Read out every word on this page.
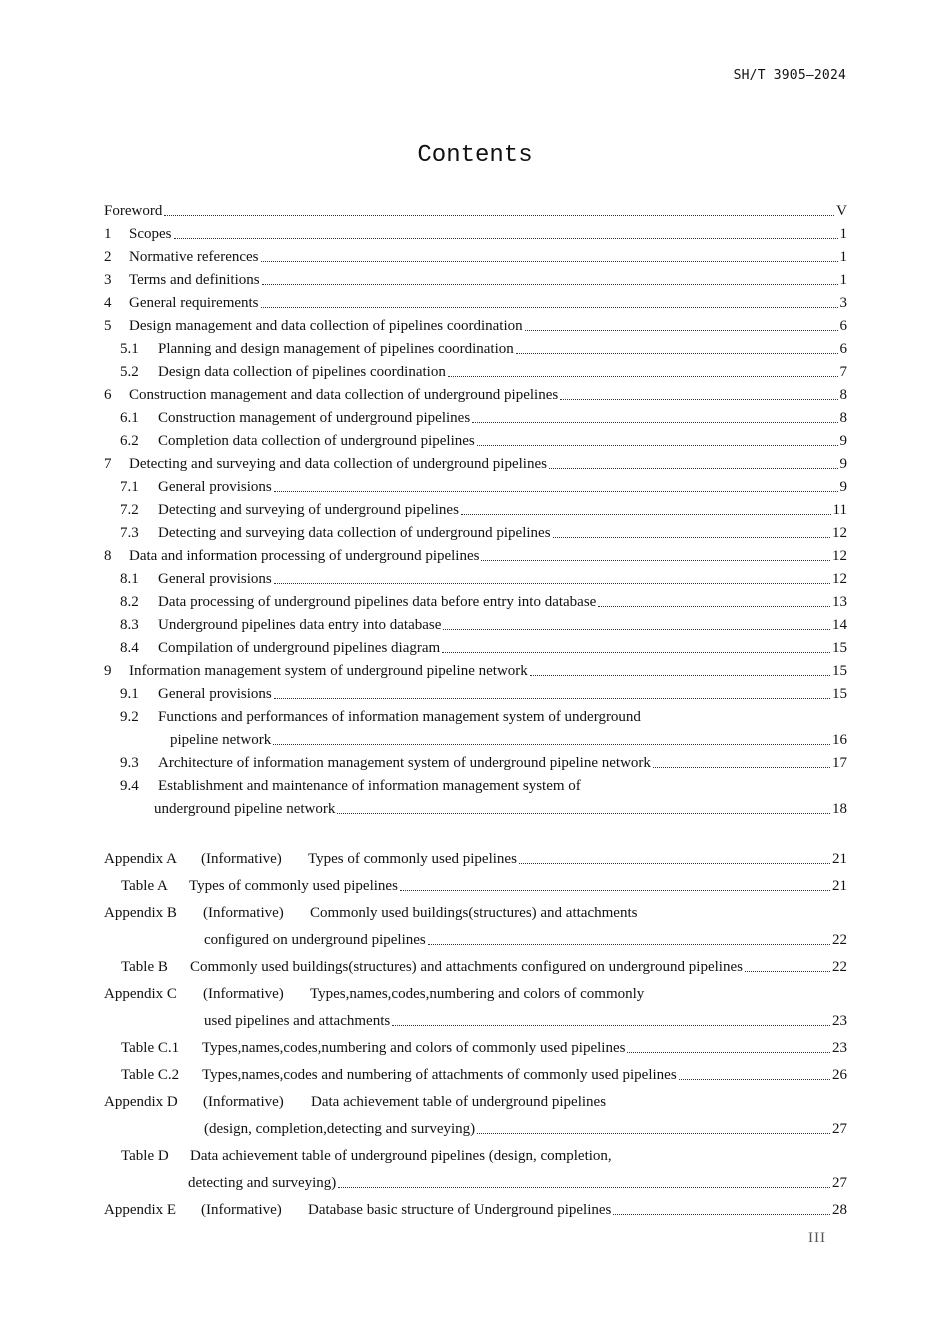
SH/T 3905—2024
Contents
Foreword	V
1	Scopes	1
2	Normative references	1
3	Terms and definitions	1
4	General requirements	3
5	Design management and data collection of pipelines coordination	6
5.1	Planning and design management of pipelines coordination	6
5.2	Design data collection of pipelines coordination	7
6	Construction management and data collection of underground pipelines	8
6.1	Construction management of underground pipelines	8
6.2	Completion data collection of underground pipelines	9
7	Detecting and surveying and data collection of underground pipelines	9
7.1	General provisions	9
7.2	Detecting and surveying of underground pipelines	11
7.3	Detecting and surveying data collection of underground pipelines	12
8	Data and information processing of underground pipelines	12
8.1	General provisions	12
8.2	Data processing of underground pipelines data before entry into database	13
8.3	Underground pipelines data entry into database	14
8.4	Compilation of underground pipelines diagram	15
9	Information management system of underground pipeline network	15
9.1	General provisions	15
9.2	Functions and performances of information management system of underground
pipeline network	16
9.3	Architecture of information management system of underground pipeline network	17
9.4	Establishment and maintenance of information management system of
underground pipeline network	18
Appendix A	(Informative)	Types of commonly used pipelines	21
Table A	Types of commonly used pipelines	21
Appendix B	(Informative)	Commonly used buildings(structures) and attachments
configured on underground pipelines	22
Table B	Commonly used buildings(structures) and attachments configured on underground pipelines	22
Appendix C	(Informative)	Types,names,codes,numbering and colors of commonly
used pipelines and attachments	23
Table C.1	Types,names,codes,numbering and colors of commonly used pipelines	23
Table C.2	Types,names,codes and numbering of attachments of commonly used pipelines	26
Appendix D	(Informative)	Data achievement table of underground pipelines
(design, completion,detecting and surveying)	27
Table D	Data achievement table of underground pipelines (design, completion,
detecting and surveying)	27
Appendix E	(Informative)	Database basic structure of Underground pipelines	28
III
